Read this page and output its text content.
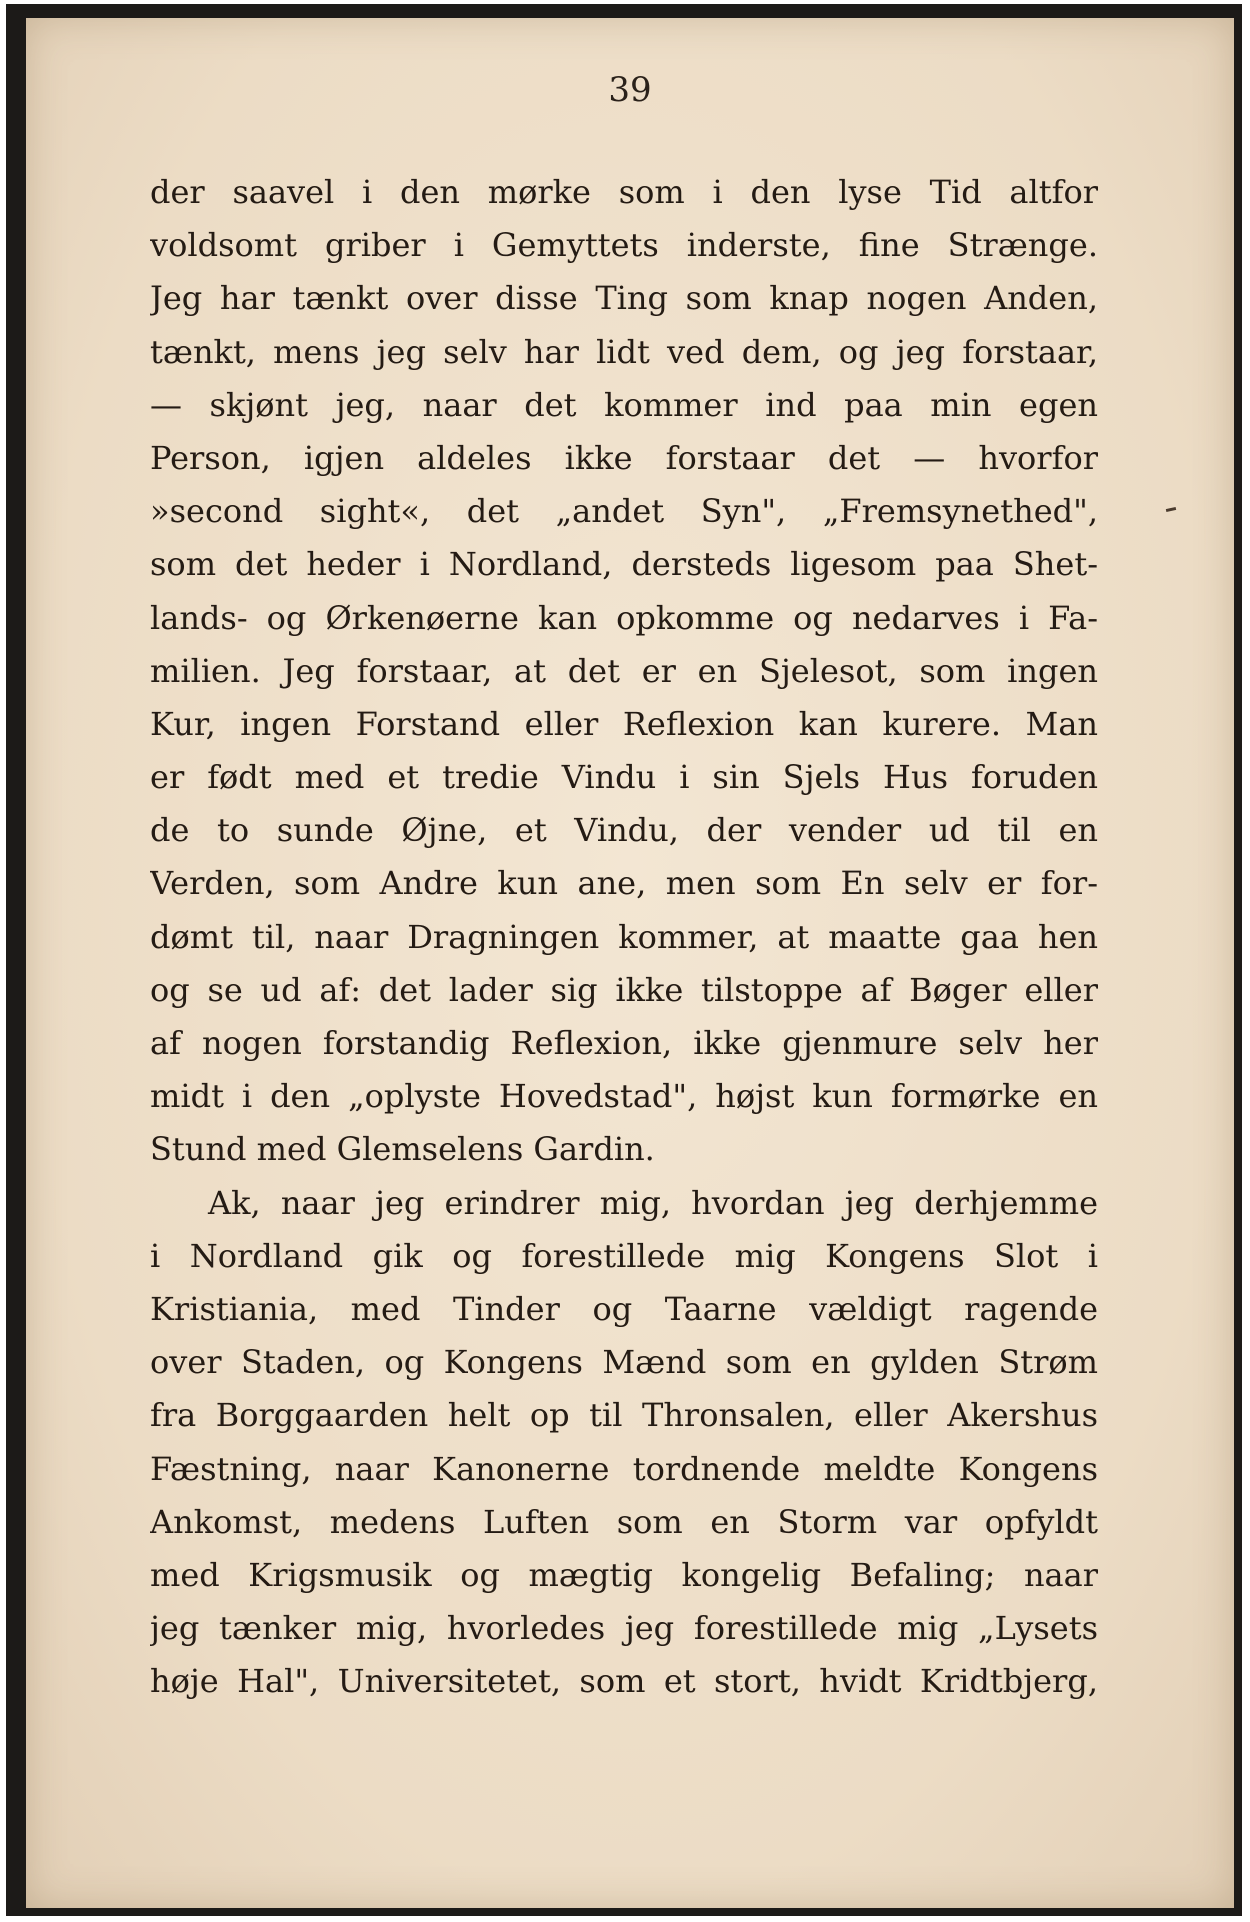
39
der saavel i den mørke som i den lyse Tid altfor
voldsomt griber i Gemyttets inderste, fine Strænge.
Jeg har tænkt over disse Ting som knap nogen Anden,
tænkt, mens jeg selv har lidt ved dem, og jeg forstaar,
— skjønt jeg, naar det kommer ind paa min egen
Person, igjen aldeles ikke forstaar det — hvorfor
»second sight«, det „andet Syn", „Fremsynethed",
som det heder i Nordland, dersteds ligesom paa Shet-
lands- og Ørkenøerne kan opkomme og nedarves i Fa-
milien. Jeg forstaar, at det er en Sjelesot, som ingen
Kur, ingen Forstand eller Reflexion kan kurere. Man
er født med et tredie Vindu i sin Sjels Hus foruden
de to sunde Øjne, et Vindu, der vender ud til en
Verden, som Andre kun ane, men som En selv er for-
dømt til, naar Dragningen kommer, at maatte gaa hen
og se ud af: det lader sig ikke tilstoppe af Bøger eller
af nogen forstandig Reflexion, ikke gjenmure selv her
midt i den „oplyste Hovedstad", højst kun formørke en
Stund med Glemselens Gardin.
Ak, naar jeg erindrer mig, hvordan jeg derhjemme
i Nordland gik og forestillede mig Kongens Slot i
Kristiania, med Tinder og Taarne vældigt ragende
over Staden, og Kongens Mænd som en gylden Strøm
fra Borggaarden helt op til Thronsalen, eller Akershus
Fæstning, naar Kanonerne tordnende meldte Kongens
Ankomst, medens Luften som en Storm var opfyldt
med Krigsmusik og mægtig kongelig Befaling; naar
jeg tænker mig, hvorledes jeg forestillede mig „Lysets
høje Hal", Universitetet, som et stort, hvidt Kridtbjerg,
